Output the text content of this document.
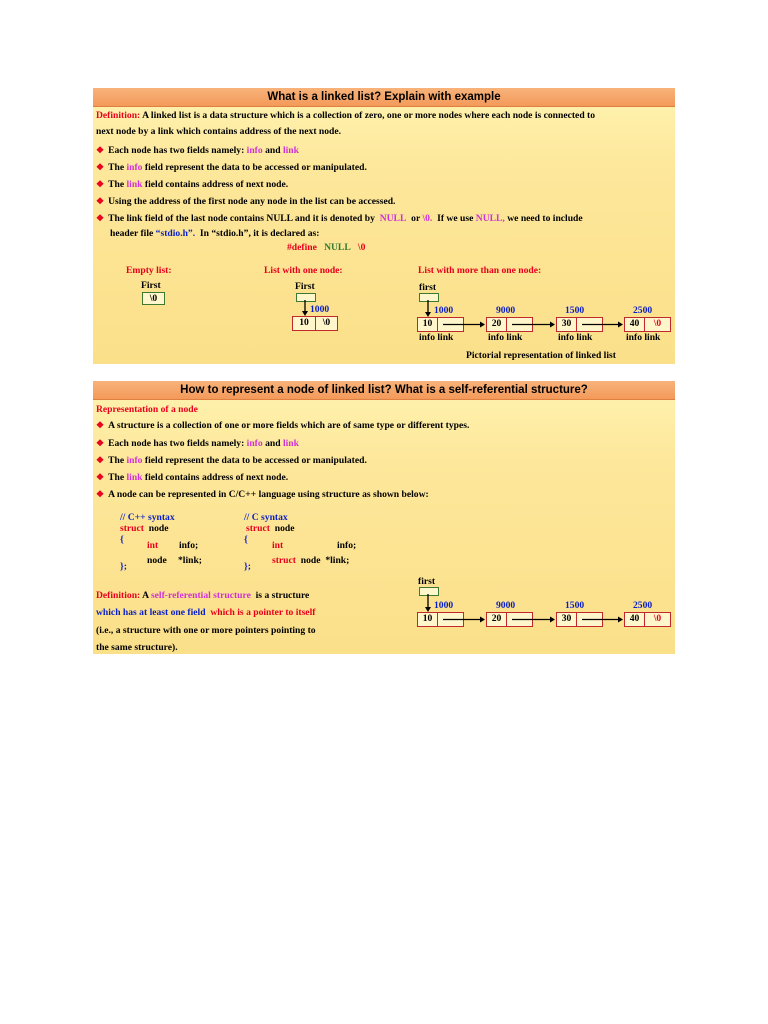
What is a linked list? Explain with example
Definition: A linked list is a data structure which is a collection of zero, one or more nodes where each node is connected to
next node by a link which contains address of the next node.
❖ Each node has two fields namely: info and link
❖ The info field represent the data to be accessed or manipulated.
❖ The link field contains address of next node.
❖ Using the address of the first node any node in the list can be accessed.
❖ The link field of the last node contains NULL and it is denoted by NULL or \0. If we use NULL, we need to include
header file “stdio.h”. In “stdio.h”, it is declared as:
#define NULL \0
Empty list:
First
\0
List with one node:
First
1000
10	\0
List with more than one node:
first
1000
10
info link
9000
20
info link
1500
30
info link
2500
40	\0
info link
Pictorial representation of linked list
How to represent a node of linked list? What is a self-referential structure?
Representation of a node
❖ A structure is a collection of one or more fields which are of same type or different types.
❖ Each node has two fields namely: info and link
❖ The info field represent the data to be accessed or manipulated.
❖ The link field contains address of next node.
❖ A node can be represented in C/C++ language using structure as shown below:
// C++ syntax
struct node
{
int info;
node *link;
};
// C syntax
struct node
{
int	info;
struct node *link;
};
Definition: A self-referential structure is a structure
which has at least one field which is a pointer to itself
(i.e., a structure with one or more pointers pointing to
the same structure).
first
1000
10
9000
20
1500
30
2500
40	\0
